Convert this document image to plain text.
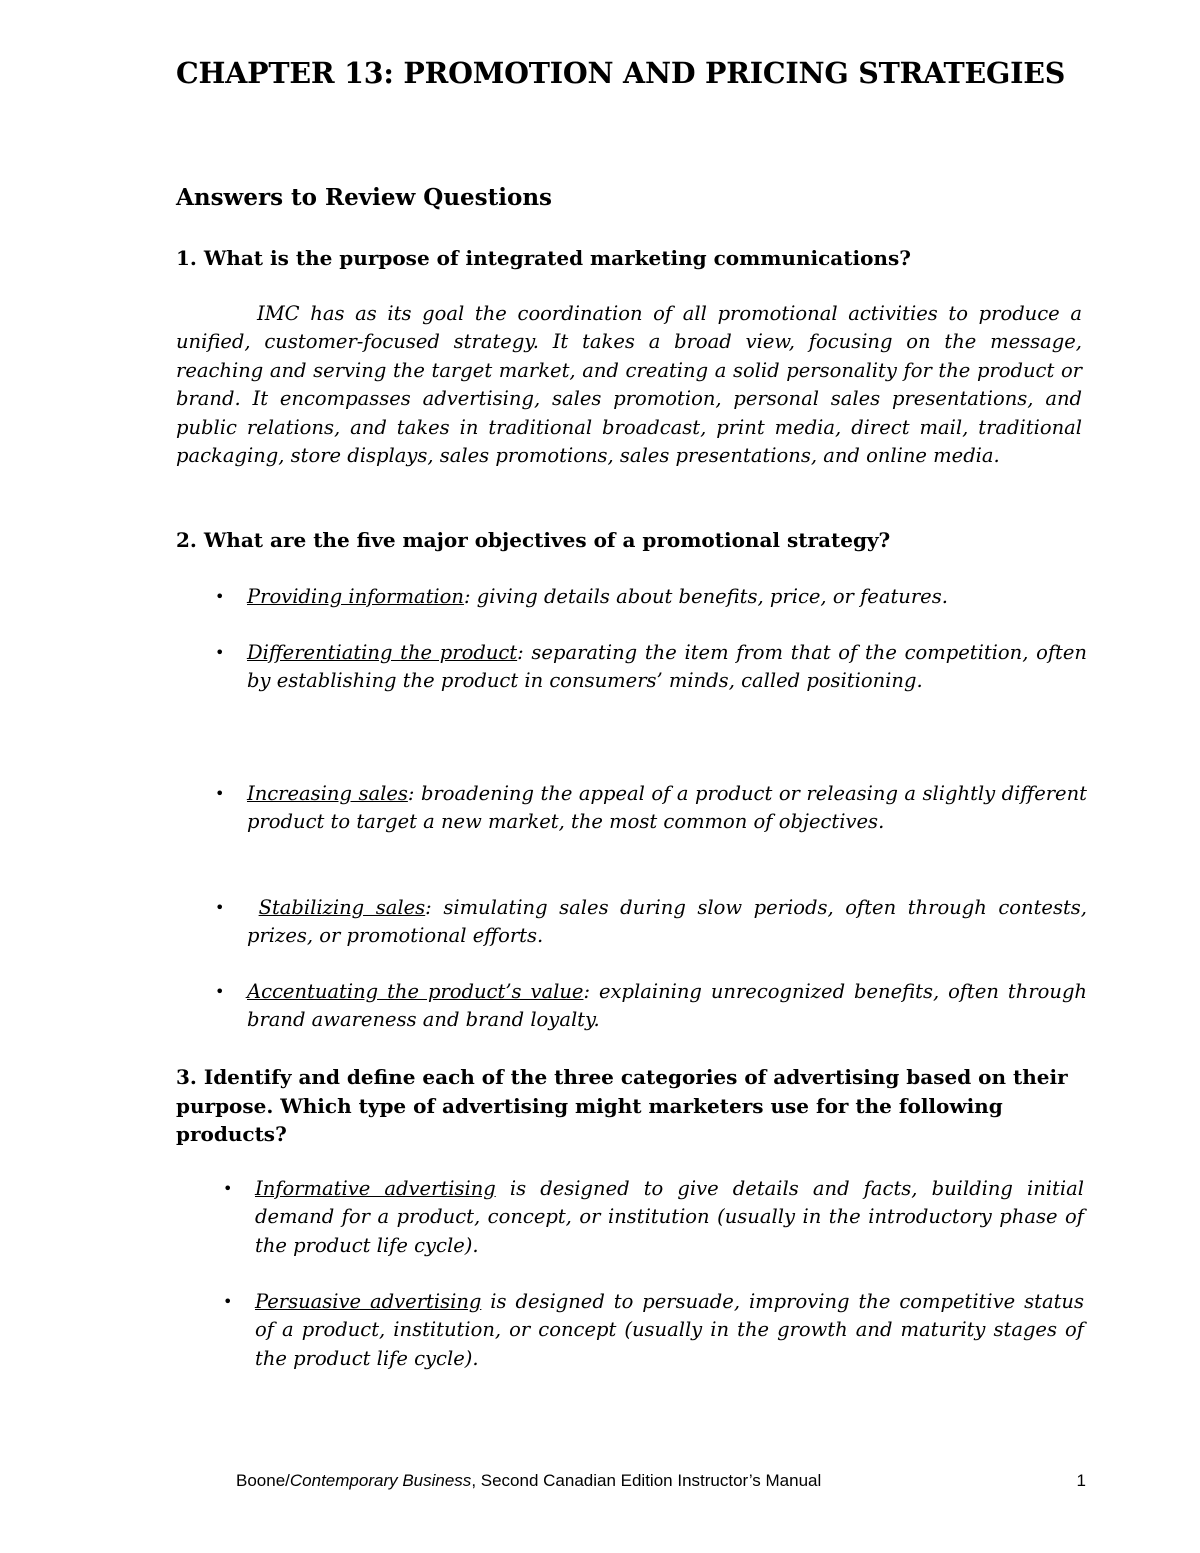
CHAPTER 13: PROMOTION AND PRICING STRATEGIES
Answers to Review Questions

1. What is the purpose of integrated marketing communications?

IMC has as its goal the coordination of all promotional activities to produce a unified, customer-focused strategy. It takes a broad view, focusing on the message, reaching and serving the target market, and creating a solid personality for the product or brand. It encompasses advertising, sales promotion, personal sales presentations, and public relations, and takes in traditional broadcast, print media, direct mail, traditional packaging, store displays, sales promotions, sales presentations, and online media.

2. What are the five major objectives of a promotional strategy?

• Providing information: giving details about benefits, price, or features.
• Differentiating the product: separating the item from that of the competition, often by establishing the product in consumers’ minds, called positioning.
• Increasing sales: broadening the appeal of a product or releasing a slightly different product to target a new market, the most common of objectives.
• Stabilizing sales: simulating sales during slow periods, often through contests, prizes, or promotional efforts.
• Accentuating the product’s value: explaining unrecognized benefits, often through brand awareness and brand loyalty.

3. Identify and define each of the three categories of advertising based on their purpose. Which type of advertising might marketers use for the following products?

• Informative advertising is designed to give details and facts, building initial demand for a product, concept, or institution (usually in the introductory phase of the product life cycle).
• Persuasive advertising is designed to persuade, improving the competitive status of a product, institution, or concept (usually in the growth and maturity stages of the product life cycle).
Boone/Contemporary Business, Second Canadian Edition Instructor’s Manual	1
